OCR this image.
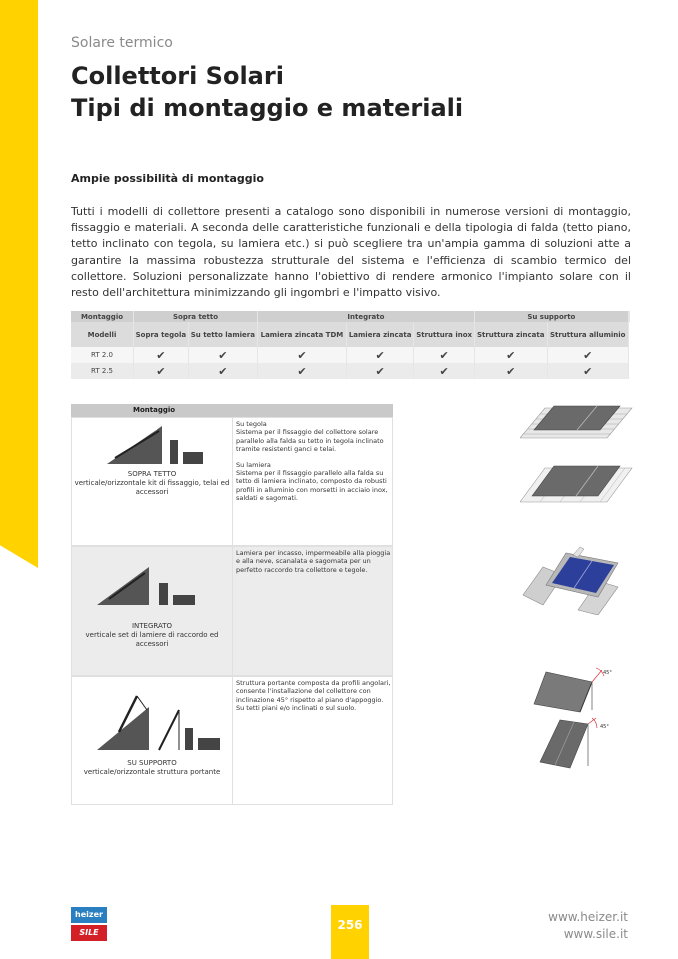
Solare termico
Collettori Solari
Tipi di montaggio e materiali
Ampie possibilità di montaggio
Tutti i modelli di collettore presenti a catalogo sono disponibili in numerose versioni di montaggio, fissaggio e materiali. A seconda delle caratteristiche funzionali e della tipologia di falda (tetto piano, tetto inclinato con tegola, su lamiera etc.) si può scegliere tra un'ampia gamma di soluzioni atte a garantire la massima robustezza strutturale del sistema e l'efficienza di scambio termico del collettore. Soluzioni personalizzate hanno l'obiettivo di rendere armonico l'impianto solare con il resto dell'architettura minimizzando gli ingombri e l'impatto visivo.
Montaggio	Sopra tetto		Integrato			Su supporto		
Modelli	Sopra tegola	Su tetto lamiera	Lamiera zincata TDM	Lamiera zincata	Struttura inox	Struttura zincata	Struttura alluminio	
RT 2.0	✔	✔	✔	✔	✔	✔	✔	
RT 2.5	✔	✔	✔	✔	✔	✔	✔	
Montaggio
SOPRA TETTO
verticale/orizzontale kit di fissaggio, telai ed accessori
Su tegola
Sistema per il fissaggio del collettore solare parallelo alla falda su tetto in tegola inclinato tramite resistenti ganci e telai.
Su lamiera
Sistema per il fissaggio parallelo alla falda su tetto di lamiera inclinato, composto da robusti profili in alluminio con morsetti in acciaio inox, saldati e sagomati.
INTEGRATO
verticale set di lamiere di raccordo ed accessori
Lamiera per incasso, impermeabile alla pioggia e alla neve, scanalata e sagomata per un perfetto raccordo tra collettore e tegole.
SU SUPPORTO
verticale/orizzontale struttura portante
Struttura portante composta da profili angolari, consente l'installazione del collettore con inclinazione 45° rispetto al piano d'appoggio. Su tetti piani e/o inclinati o sul suolo.
45°
45°
heizer
SILE
256
www.heizer.it
www.sile.it
